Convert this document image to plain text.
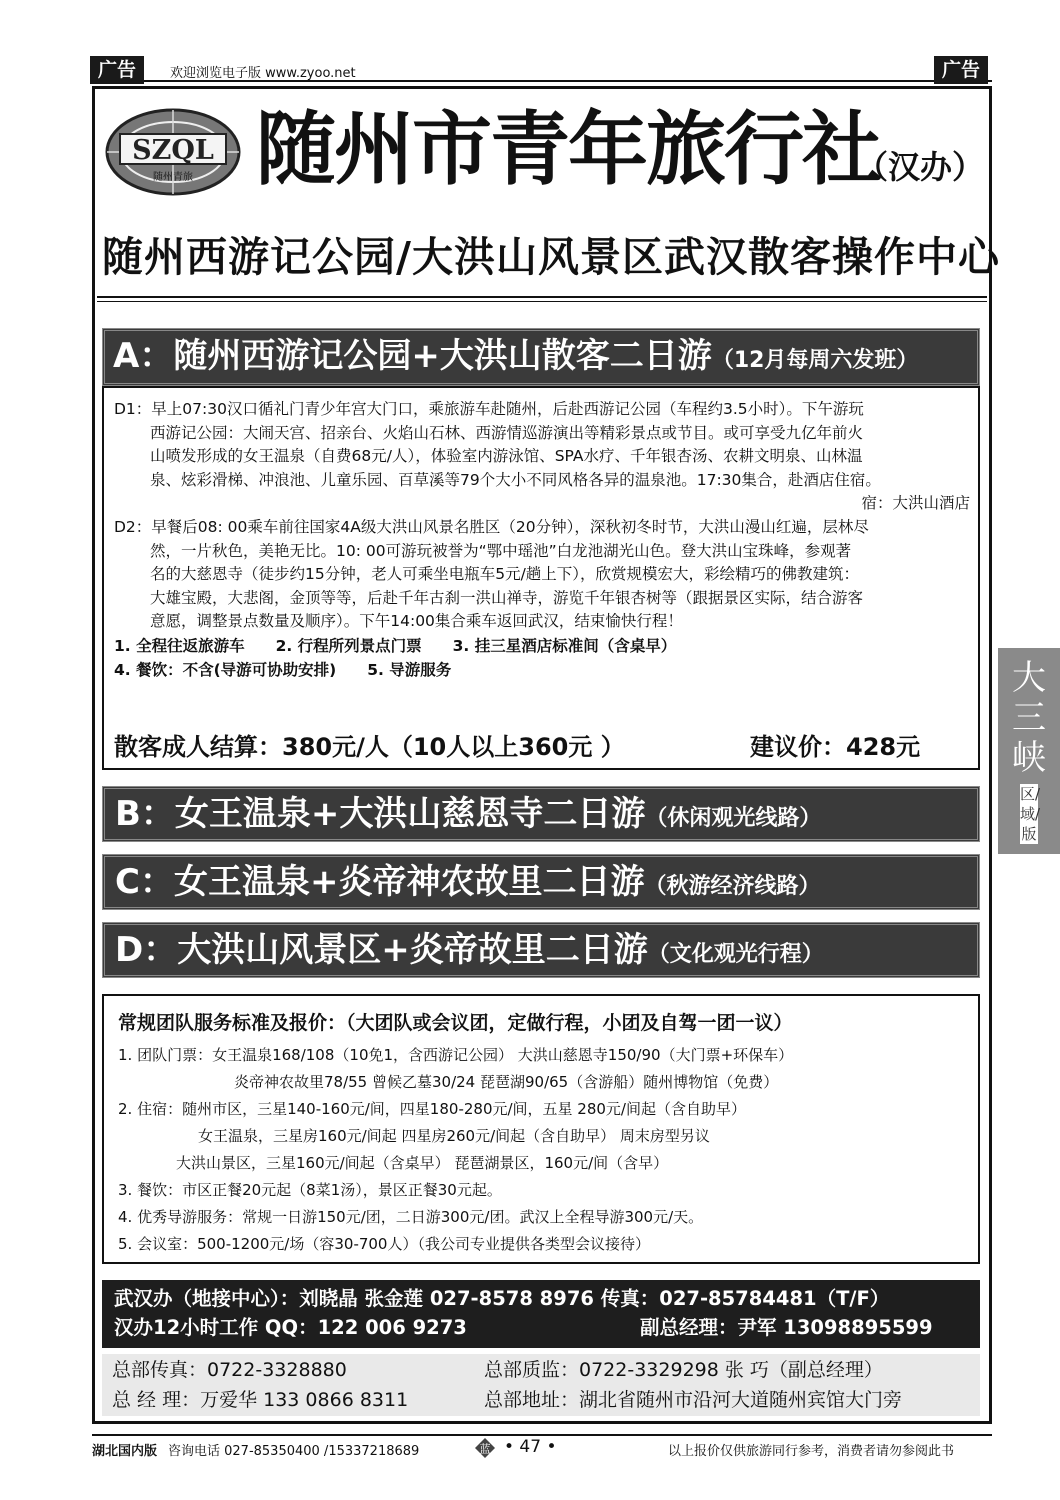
广告	欢迎浏览电子版 www.zyoo.net	广告
SZQL
随州青旅 随州市青年旅行社
（汉办）
随州西游记公园/大洪山风景区武汉散客操作中心
A：随州西游记公园+大洪山散客二日游（12月每周六发班）
D1：早上07:30汉口循礼门青少年宫大门口，乘旅游车赴随州，后赴西游记公园（车程约3.5小时）。下午游玩
西游记公园：大闹天宫、招亲台、火焰山石林、西游情巡游演出等精彩景点或节目。或可享受九亿年前火
山喷发形成的女王温泉（自费68元/人），体验室内游泳馆、SPA水疗、千年银杏汤、农耕文明泉、山林温
泉、炫彩滑梯、冲浪池、儿童乐园、百草溪等79个大小不同风格各异的温泉池。17:30集合，赴酒店住宿。
宿：大洪山酒店
D2：早餐后08: 00乘车前往国家4A级大洪山风景名胜区（20分钟），深秋初冬时节，大洪山漫山红遍，层林尽
然，一片秋色，美艳无比。10: 00可游玩被誉为“鄂中瑶池”白龙池湖光山色。登大洪山宝珠峰，参观著
名的大慈恩寺（徒步约15分钟，老人可乘坐电瓶车5元/趟上下），欣赏规模宏大，彩绘精巧的佛教建筑：
大雄宝殿，大悲阁，金顶等等，后赴千年古刹一洪山禅寺，游览千年银杏树等（跟据景区实际，结合游客
意愿，调整景点数量及顺序）。下午14:00集合乘车返回武汉，结束愉快行程！
1. 全程往返旅游车　　2. 行程所列景点门票　　3. 挂三星酒店标准间（含桌早）
4. 餐饮：不含(导游可协助安排)　　5. 导游服务
散客成人结算：380元/人（10人以上360元 ）	建议价：428元
B：女王温泉+大洪山慈恩寺二日游（休闲观光线路）
C：女王温泉+炎帝神农故里二日游（秋游经济线路）
D：大洪山风景区+炎帝故里二日游（文化观光行程）
常规团队服务标准及报价：（大团队或会议团，定做行程，小团及自驾一团一议）
1. 团队门票：女王温泉168/108（10免1，含西游记公园） 大洪山慈恩寺150/90（大门票+环保车）
炎帝神农故里78/55 曾候乙墓30/24 琵琶湖90/65（含游船）随州博物馆（免费）
2. 住宿：随州市区，三星140-160元/间，四星180-280元/间，五星 280元/间起（含自助早）
女王温泉，三星房160元/间起 四星房260元/间起（含自助早） 周末房型另议
大洪山景区，三星160元/间起（含桌早） 琵琶湖景区，160元/间（含早）
3. 餐饮：市区正餐20元起（8菜1汤），景区正餐30元起。
4. 优秀导游服务：常规一日游150元/团，二日游300元/团。武汉上全程导游300元/天。
5. 会议室：500-1200元/场（容30-700人）（我公司专业提供各类型会议接待）
武汉办（地接中心）：刘晓晶 张金莲 027-8578 8976 传真：027-85784481（T/F）
汉办12小时工作 QQ：122 006 9273	副总经理：尹军 13098895599
总部传真：0722-3328880	总部质监：0722-3329298 张 巧（副总经理）
总 经 理：万爱华 133 0866 8311	总部地址：湖北省随州市沿河大道随州宾馆大门旁
大三峡
区/域/版
湖北国内版 咨询电话 027-85350400 /15337218689	蓝 • 47 •	以上报价仅供旅游同行参考，消费者请勿参阅此书
